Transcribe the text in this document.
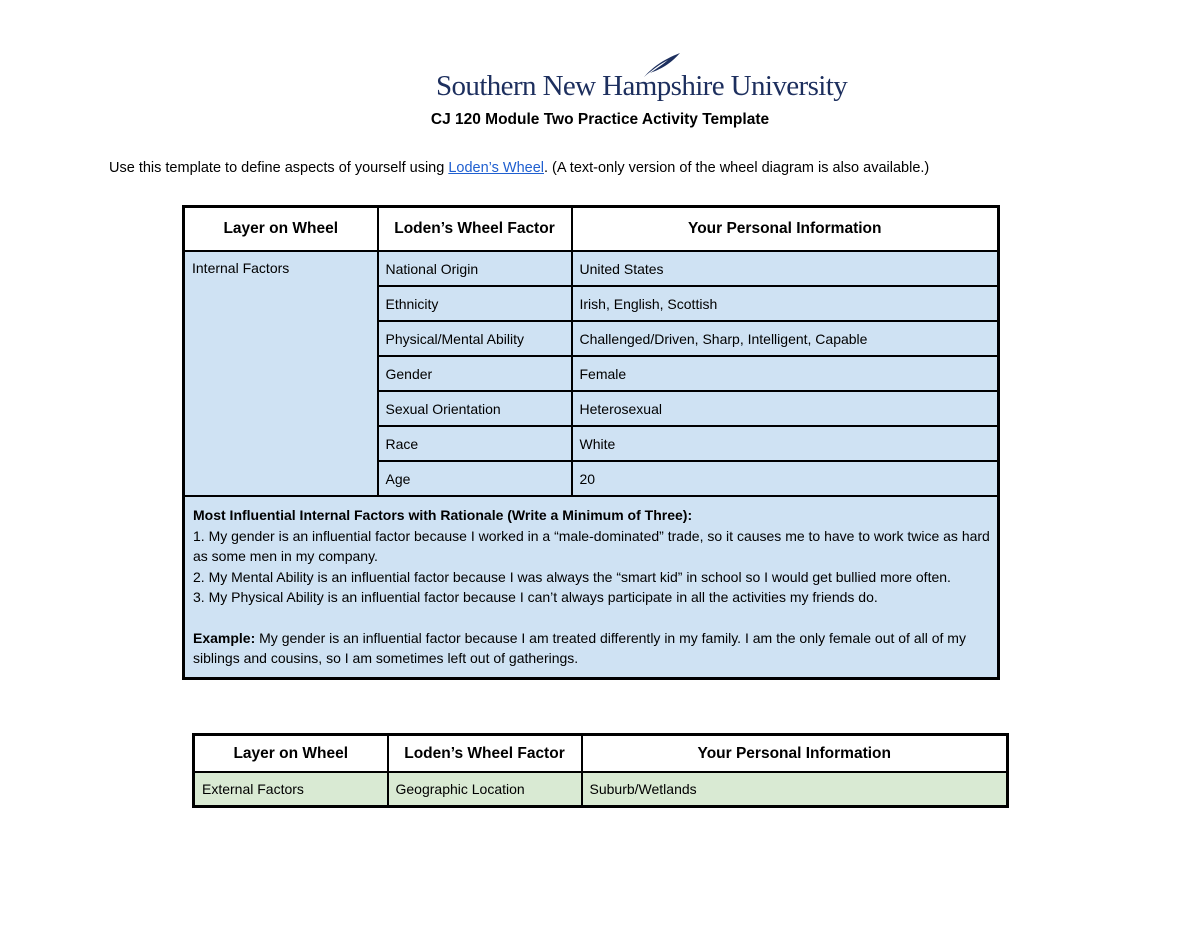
Southern New Hampshire University
CJ 120 Module Two Practice Activity Template
Use this template to define aspects of yourself using Loden’s Wheel. (A text-only version of the wheel diagram is also available.)
Layer on Wheel	Loden’s Wheel Factor	Your Personal Information
Internal Factors	National Origin	United States
	Ethnicity	Irish, English, Scottish
	Physical/Mental Ability	Challenged/Driven, Sharp, Intelligent, Capable
	Gender	Female
	Sexual Orientation	Heterosexual
	Race	White
	Age	20

Most Influential Internal Factors with Rationale (Write a Minimum of Three):

1. My gender is an influential factor because I worked in a “male-dominated” trade, so it causes me to have to work twice as hard as some men in my company.

2. My Mental Ability is an influential factor because I was always the “smart kid” in school so I would get bullied more often.

3. My Physical Ability is an influential factor because I can’t always participate in all the activities my friends do.

Example: My gender is an influential factor because I am treated differently in my family. I am the only female out of all of my siblings and cousins, so I am sometimes left out of gatherings.		

Layer on Wheel	Loden’s Wheel Factor	Your Personal Information
External Factors	Geographic Location	Suburb/Wetlands
